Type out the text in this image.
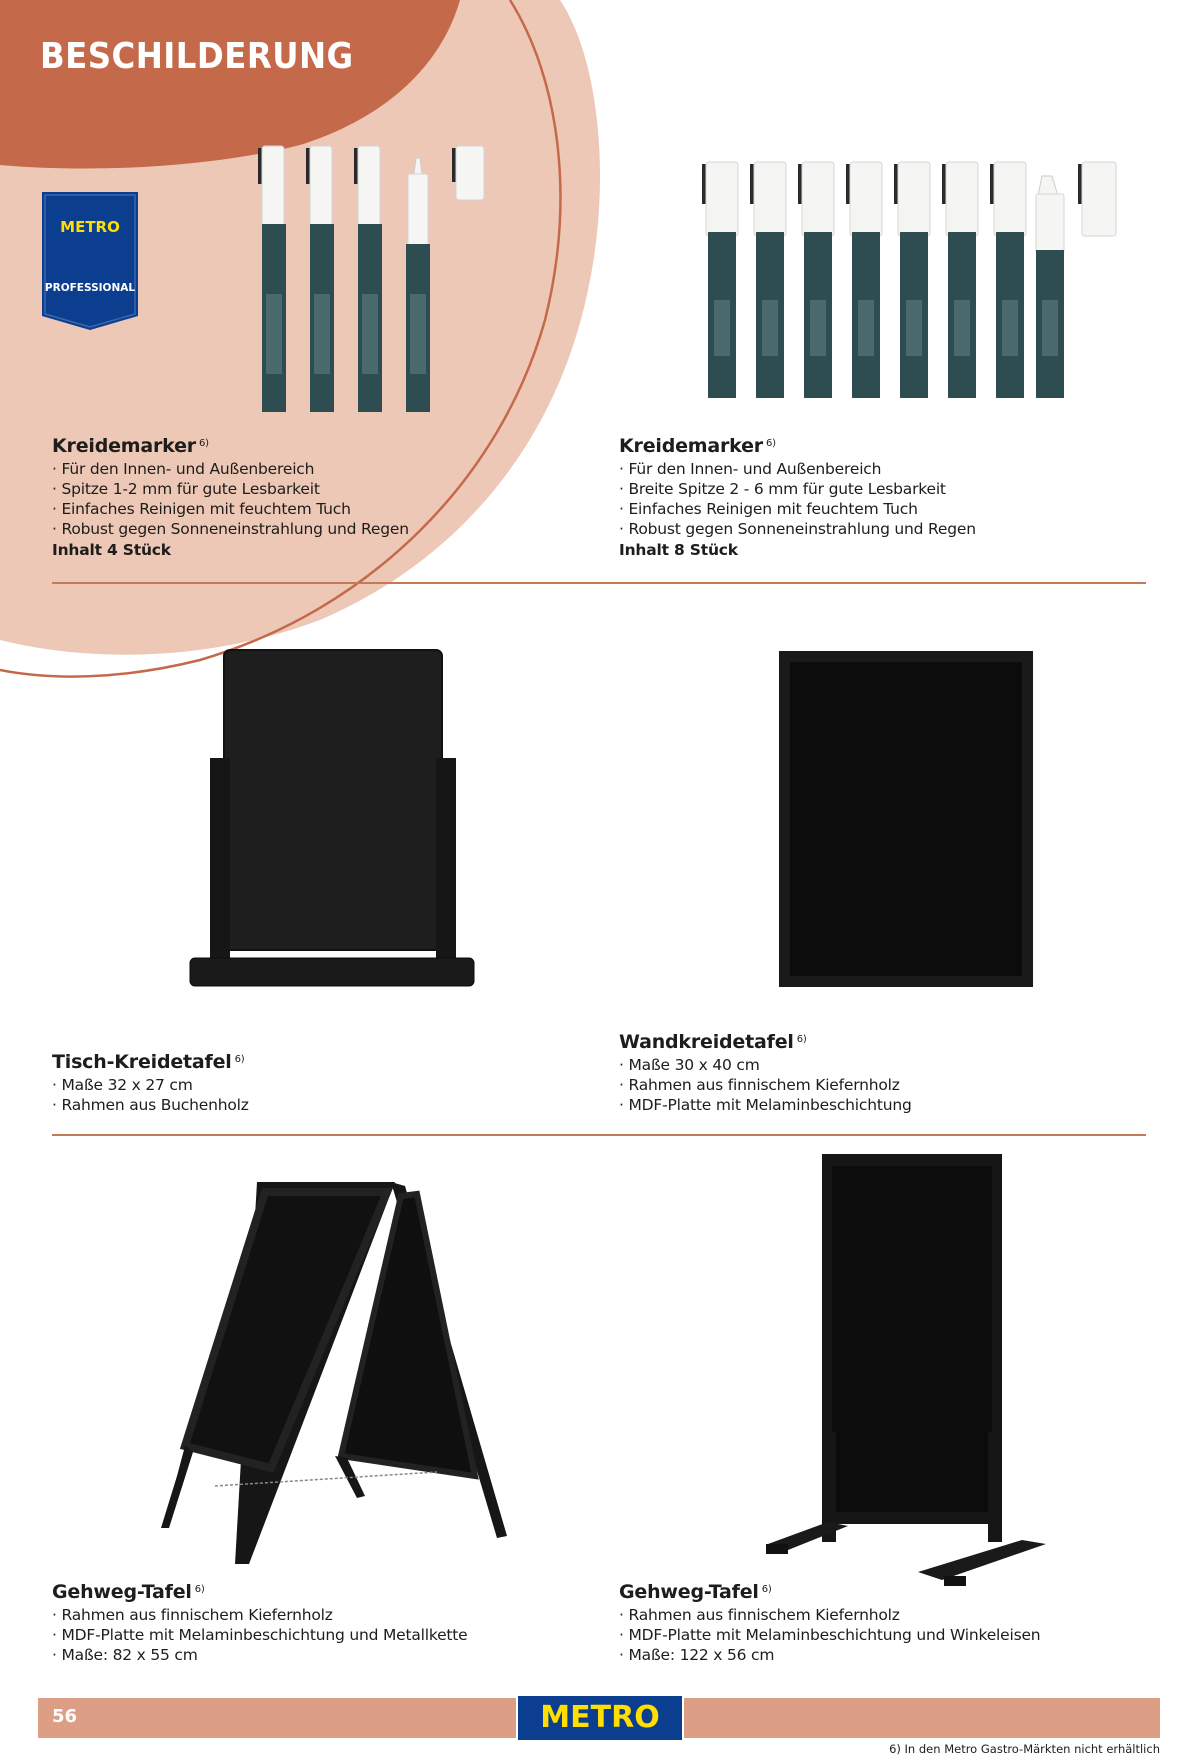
BESCHILDERUNG
METRO
PROFESSIONAL
Kreidemarker $^{6)}$
· Für den Innen- und Außenbereich
· Spitze 1-2 mm für gute Lesbarkeit
· Einfaches Reinigen mit feuchtem Tuch
· Robust gegen Sonneneinstrahlung und Regen
Inhalt 4 Stück
Kreidemarker $^{6)}$
· Für den Innen- und Außenbereich
· Breite Spitze 2 - 6 mm für gute Lesbarkeit
· Einfaches Reinigen mit feuchtem Tuch
· Robust gegen Sonneneinstrahlung und Regen
Inhalt 8 Stück
Tisch-Kreidetafel $^{6)}$
· Maße 32 x 27 cm
· Rahmen aus Buchenholz
Wandkreidetafel $^{6)}$
· Maße 30 x 40 cm
· Rahmen aus finnischem Kiefernholz
· MDF-Platte mit Melaminbeschichtung
Gehweg-Tafel $^{6)}$
· Rahmen aus finnischem Kiefernholz
· MDF-Platte mit Melaminbeschichtung und Metallkette
· Maße: 82 x 55 cm
Gehweg-Tafel $^{6)}$
· Rahmen aus finnischem Kiefernholz
· MDF-Platte mit Melaminbeschichtung und Winkeleisen
· Maße: 122 x 56 cm
56	METRO
6) In den Metro Gastro-Märkten nicht erhältlich
